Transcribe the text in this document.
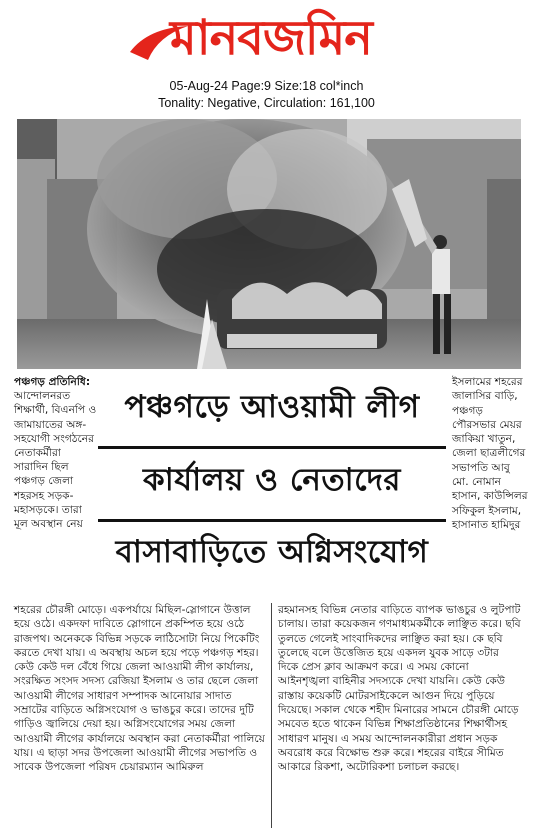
মানবজমিন
05-Aug-24 Page:9 Size:18 col*inch
Tonality: Negative, Circulation: 161,100

পঞ্চগড় প্রতিনিধি:

আন্দোলনরত শিক্ষার্থী, বিএনপি ও জামায়াতের অঙ্গ-সহযোগী সংগঠনের নেতাকর্মীরা সারাদিন ছিল পঞ্চগড় জেলা শহরসহ সড়ক-মহাসড়কে। তারা মূল অবস্থান নেয়

পঞ্চগড়ে আওয়ামী লীগ
কার্যালয় ও নেতাদের
বাসাবাড়িতে অগ্নিসংযোগ

ইসলামের শহরের জালাসির বাড়ি, পঞ্চগড় পৌরসভার মেয়র জাকিয়া খাতুন, জেলা ছাত্রলীগের সভাপতি আবু মো. নোমান হাসান, কাউন্সিলর সফিকুল ইসলাম, হাসানাত হামিদুর

শহরের চৌরঙ্গী মোড়ে। একপর্যায়ে মিছিল-স্লোগানে উত্তাল হয়ে ওঠে। একদফা দাবিতে স্লোগানে প্রকম্পিত হয়ে ওঠে রাজপথ। অনেককে বিভিন্ন সড়কে লাঠিসোটা নিয়ে পিকেটিং করতে দেখা যায়। এ অবস্থায় অচল হয়ে পড়ে পঞ্চগড় শহর। কেউ কেউ দল বেঁধে গিয়ে জেলা আওয়ামী লীগ কার্যালয়, সংরক্ষিত সংসদ সদস্য রেজিয়া ইসলাম ও তার ছেলে জেলা আওয়ামী লীগের সাধারণ সম্পাদক আনোয়ার সাদাত সম্রাটের বাড়িতে অগ্নিসংযোগ ও ভাঙচুর করে। তাদের দুটি গাড়িও জ্বালিয়ে দেয়া হয়। অগ্নিসংযোগের সময় জেলা আওয়ামী লীগের কার্যালয়ে অবস্থান করা নেতাকর্মীরা পালিয়ে যায়। এ ছাড়া সদর উপজেলা আওয়ামী লীগের সভাপতি ও সাবেক উপজেলা পরিষদ চেয়ারম্যান আমিরুল

রহমানসহ বিভিন্ন নেতার বাড়িতে ব্যাপক ভাঙচুর ও লুটপাট চালায়। তারা কয়েকজন গণমাধ্যমকর্মীকে লাঞ্ছিত করে। ছবি তুলতে গেলেই সাংবাদিকদের লাঞ্ছিত করা হয়। কে ছবি তুলেছে বলে উত্তেজিত হয়ে একদল যুবক সাড়ে ৩টার দিকে প্রেস ক্লাব আক্রমণ করে। এ সময় কোনো আইনশৃঙ্খলা বাহিনীর সদস্যকে দেখা যায়নি। কেউ কেউ রাস্তায় কয়েকটি মোটরসাইকেলে আগুন দিয়ে পুড়িয়ে দিয়েছে। সকাল থেকে শহীদ মিনারের সামনে চৌরঙ্গী মোড়ে সমবেত হতে থাকেন বিভিন্ন শিক্ষাপ্রতিষ্ঠানের শিক্ষার্থীসহ সাধারণ মানুষ। এ সময় আন্দোলনকারীরা প্রধান সড়ক অবরোধ করে বিক্ষোভ শুরু করে। শহরের বাইরে সীমিত আকারে রিকশা, অটোরিকশা চলাচল করছে।
